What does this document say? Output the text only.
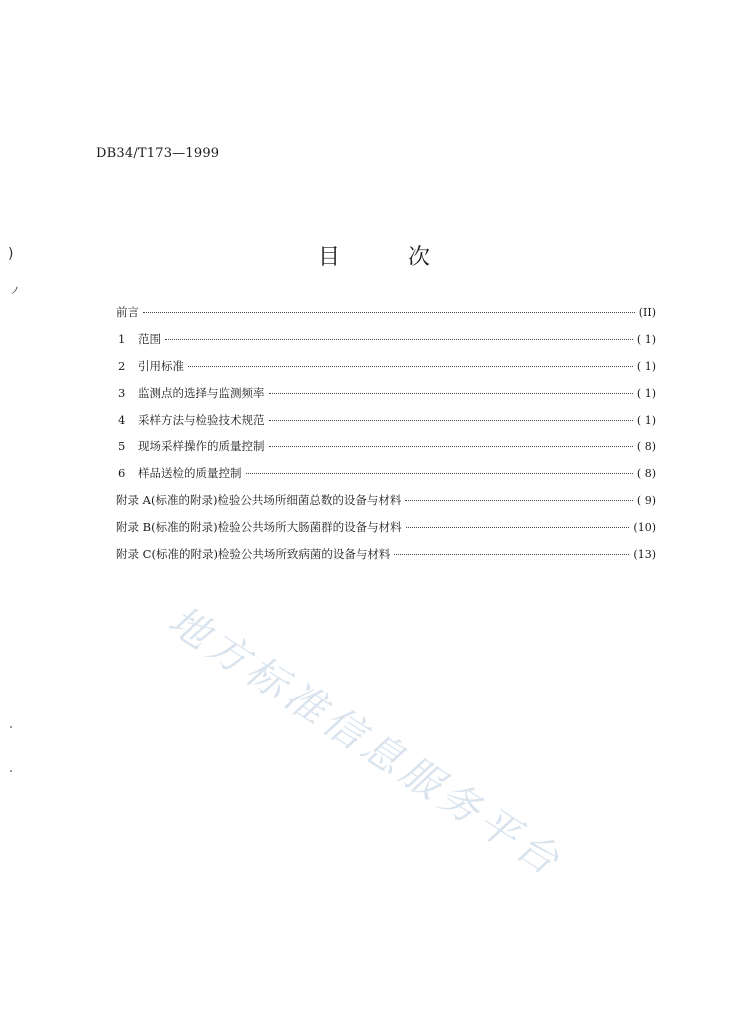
DB34/T173—1999
目	次
前言	(II)
1	范围	( 1)
2	引用标准	( 1)
3	监测点的选择与监测频率	( 1)
4	采样方法与检验技术规范	( 1)
5	现场采样操作的质量控制	( 8)
6	样品送检的质量控制	( 8)
附录 A(标准的附录)检验公共场所细菌总数的设备与材料	( 9)
附录 B(标准的附录)检验公共场所大肠菌群的设备与材料	(10)
附录 C(标准的附录)检验公共场所致病菌的设备与材料	(13)
地方标准信息服务平台
)
ノ
